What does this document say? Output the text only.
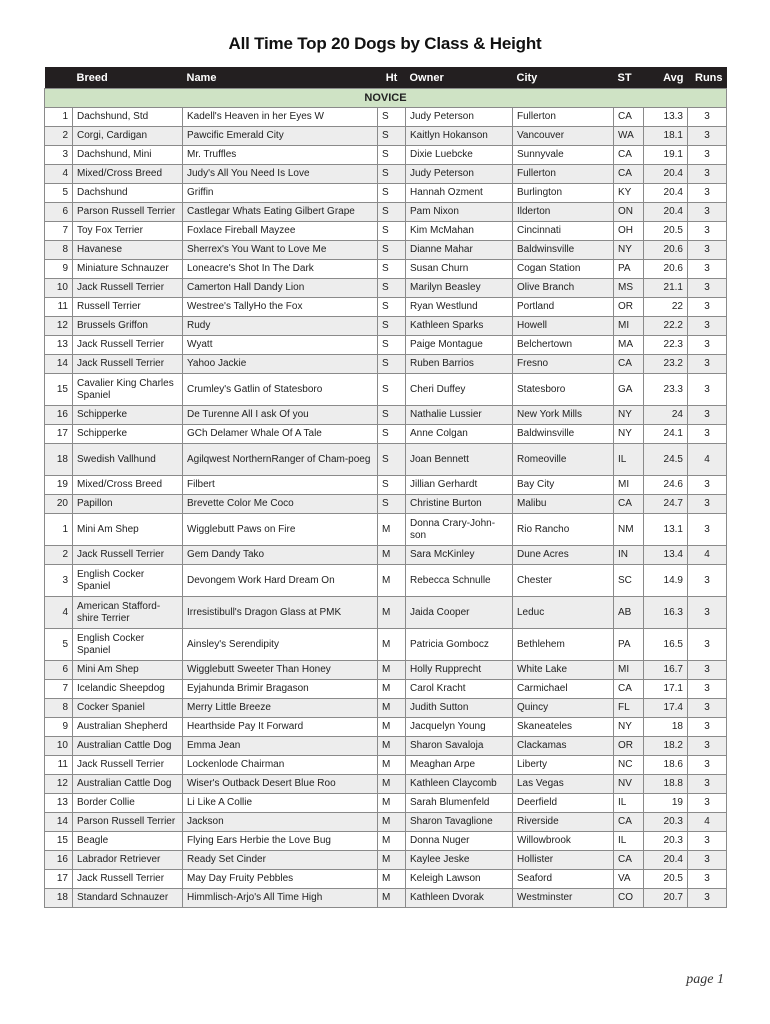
All Time Top 20 Dogs by Class & Height
	Breed	Name	Ht	Owner	City	ST	Avg	Runs
NOVICE								
1	Dachshund, Std	Kadell's Heaven in her Eyes W	S	Judy Peterson	Fullerton	CA	13.3	3
2	Corgi, Cardigan	Pawcific Emerald City	S	Kaitlyn Hokanson	Vancouver	WA	18.1	3
3	Dachshund, Mini	Mr. Truffles	S	Dixie Luebcke	Sunnyvale	CA	19.1	3
4	Mixed/Cross Breed	Judy's All You Need Is Love	S	Judy Peterson	Fullerton	CA	20.4	3
5	Dachshund	Griffin	S	Hannah Ozment	Burlington	KY	20.4	3
6	Parson Russell Terrier	Castlegar Whats Eating Gilbert Grape	S	Pam Nixon	Ilderton	ON	20.4	3
7	Toy Fox Terrier	Foxlace Fireball Mayzee	S	Kim McMahan	Cincinnati	OH	20.5	3
8	Havanese	Sherrex's You Want to Love Me	S	Dianne Mahar	Baldwinsville	NY	20.6	3
9	Miniature Schnauzer	Loneacre's Shot In The Dark	S	Susan Churn	Cogan Station	PA	20.6	3
10	Jack Russell Terrier	Camerton Hall Dandy Lion	S	Marilyn Beasley	Olive Branch	MS	21.1	3
11	Russell Terrier	Westree's TallyHo the Fox	S	Ryan Westlund	Portland	OR	22	3
12	Brussels Griffon	Rudy	S	Kathleen Sparks	Howell	MI	22.2	3
13	Jack Russell Terrier	Wyatt	S	Paige Montague	Belchertown	MA	22.3	3
14	Jack Russell Terrier	Yahoo Jackie	S	Ruben Barrios	Fresno	CA	23.2	3
15	Cavalier King Charles Spaniel	Crumley's Gatlin of Statesboro	S	Cheri Duffey	Statesboro	GA	23.3	3
16	Schipperke	De Turenne All I ask Of you	S	Nathalie Lussier	New York Mills	NY	24	3
17	Schipperke	GCh Delamer Whale Of A Tale	S	Anne Colgan	Baldwinsville	NY	24.1	3
18	Swedish Vallhund	Agilqwest NorthernRanger of Cham-poeg	S	Joan Bennett	Romeoville	IL	24.5	4
19	Mixed/Cross Breed	Filbert	S	Jillian Gerhardt	Bay City	MI	24.6	3
20	Papillon	Brevette Color Me Coco	S	Christine Burton	Malibu	CA	24.7	3
1	Mini Am Shep	Wigglebutt Paws on Fire	M	Donna Crary-John-son	Rio Rancho	NM	13.1	3
2	Jack Russell Terrier	Gem Dandy Tako	M	Sara McKinley	Dune Acres	IN	13.4	4
3	English Cocker Spaniel	Devongem Work Hard Dream On	M	Rebecca Schnulle	Chester	SC	14.9	3
4	American Stafford-shire Terrier	Irresistibull's Dragon Glass at PMK	M	Jaida Cooper	Leduc	AB	16.3	3
5	English Cocker Spaniel	Ainsley's Serendipity	M	Patricia Gombocz	Bethlehem	PA	16.5	3
6	Mini Am Shep	Wigglebutt Sweeter Than Honey	M	Holly Rupprecht	White Lake	MI	16.7	3
7	Icelandic Sheepdog	Eyjahunda Brimir Bragason	M	Carol Kracht	Carmichael	CA	17.1	3
8	Cocker Spaniel	Merry Little Breeze	M	Judith Sutton	Quincy	FL	17.4	3
9	Australian Shepherd	Hearthside Pay It Forward	M	Jacquelyn Young	Skaneateles	NY	18	3
10	Australian Cattle Dog	Emma Jean	M	Sharon Savaloja	Clackamas	OR	18.2	3
11	Jack Russell Terrier	Lockenlode Chairman	M	Meaghan Arpe	Liberty	NC	18.6	3
12	Australian Cattle Dog	Wiser's Outback Desert Blue Roo	M	Kathleen Claycomb	Las Vegas	NV	18.8	3
13	Border Collie	Li Like A Collie	M	Sarah Blumenfeld	Deerfield	IL	19	3
14	Parson Russell Terrier	Jackson	M	Sharon Tavaglione	Riverside	CA	20.3	4
15	Beagle	Flying Ears Herbie the Love Bug	M	Donna Nuger	Willowbrook	IL	20.3	3
16	Labrador Retriever	Ready Set Cinder	M	Kaylee Jeske	Hollister	CA	20.4	3
17	Jack Russell Terrier	May Day Fruity Pebbles	M	Keleigh Lawson	Seaford	VA	20.5	3
18	Standard Schnauzer	Himmlisch-Arjo's All Time High	M	Kathleen Dvorak	Westminster	CO	20.7	3
page 1
